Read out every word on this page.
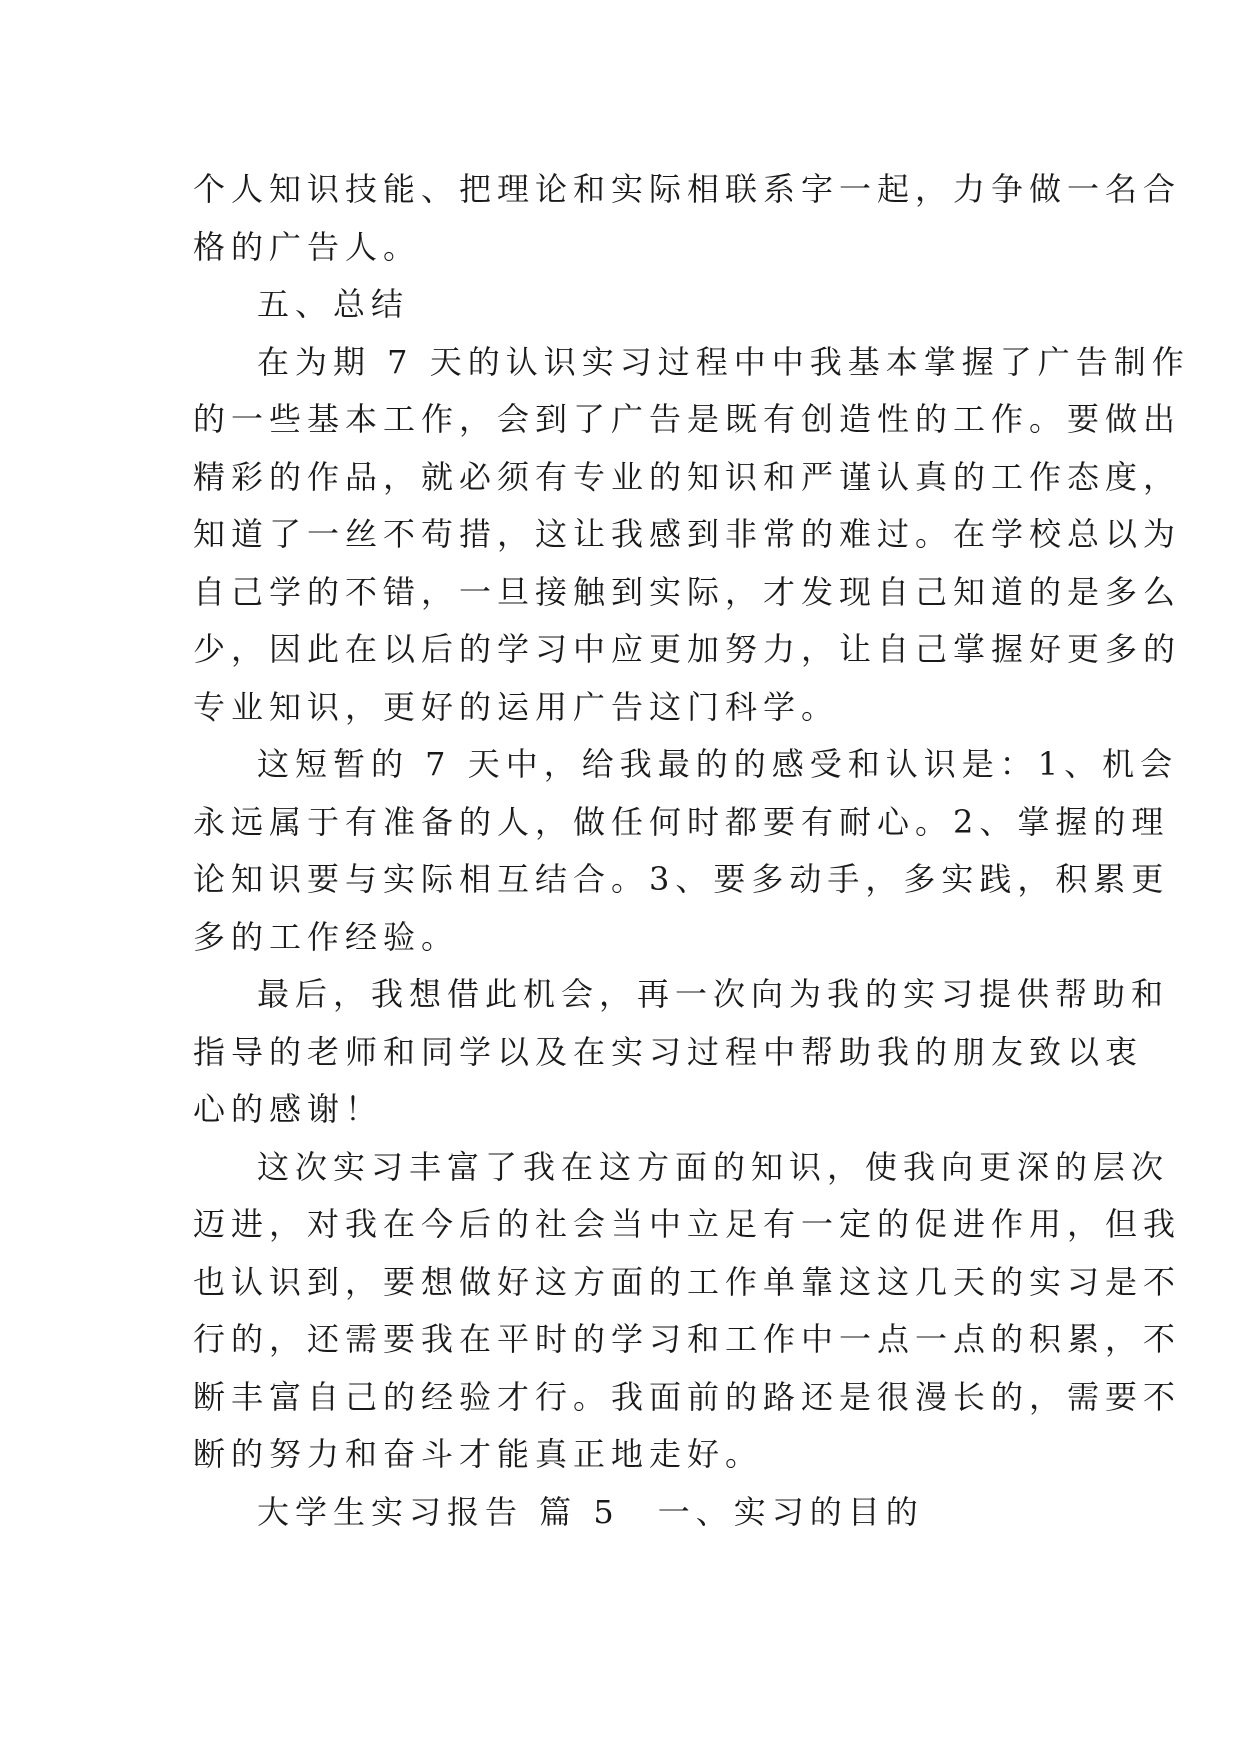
个人知识技能、把理论和实际相联系字一起，力争做一名合
格的广告人。
五、总结
在为期 7 天的认识实习过程中中我基本掌握了广告制作
的一些基本工作，会到了广告是既有创造性的工作。要做出
精彩的作品，就必须有专业的知识和严谨认真的工作态度，
知道了一丝不苟措，这让我感到非常的难过。在学校总以为
自己学的不错，一旦接触到实际，才发现自己知道的是多么
少，因此在以后的学习中应更加努力，让自己掌握好更多的
专业知识，更好的运用广告这门科学。
这短暂的 7 天中，给我最的的感受和认识是：1、机会
永远属于有准备的人，做任何时都要有耐心。2、掌握的理
论知识要与实际相互结合。3、要多动手，多实践，积累更
多的工作经验。
最后，我想借此机会，再一次向为我的实习提供帮助和
指导的老师和同学以及在实习过程中帮助我的朋友致以衷
心的感谢！
这次实习丰富了我在这方面的知识，使我向更深的层次
迈进，对我在今后的社会当中立足有一定的促进作用，但我
也认识到，要想做好这方面的工作单靠这这几天的实习是不
行的，还需要我在平时的学习和工作中一点一点的积累，不
断丰富自己的经验才行。我面前的路还是很漫长的，需要不
断的努力和奋斗才能真正地走好。
大学生实习报告 篇 5 一、实习的目的
